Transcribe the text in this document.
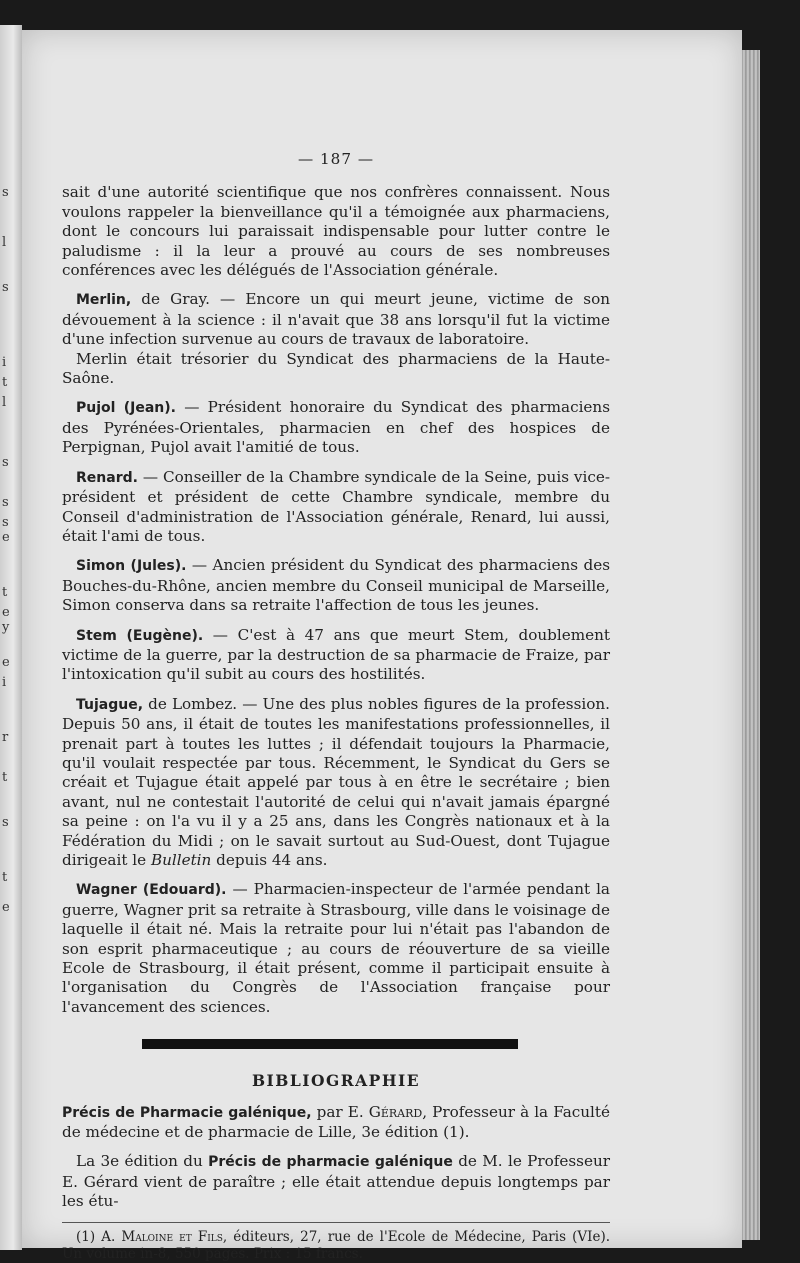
s
l
s
i
t
l
s
s
s
e
t
e
y
e
i
r
t
s
t
e
— 187 —

sait d'une autorité scientifique que nos confrères connaissent. Nous voulons rappeler la bienveillance qu'il a témoignée aux pharmaciens, dont le concours lui paraissait indispensable pour lutter contre le paludisme : il la leur a prouvé au cours de ses nombreuses conférences avec les délégués de l'Association générale.

Merlin, de Gray. — Encore un qui meurt jeune, victime de son dévouement à la science : il n'avait que 38 ans lorsqu'il fut la victime d'une infection survenue au cours de travaux de laboratoire.
Merlin était trésorier du Syndicat des pharmaciens de la Haute-Saône.

Pujol (Jean). — Président honoraire du Syndicat des pharmaciens des Pyrénées-Orientales, pharmacien en chef des hospices de Perpignan, Pujol avait l'amitié de tous.

Renard. — Conseiller de la Chambre syndicale de la Seine, puis vice-président et président de cette Chambre syndicale, membre du Conseil d'administration de l'Association générale, Renard, lui aussi, était l'ami de tous.

Simon (Jules). — Ancien président du Syndicat des pharmaciens des Bouches-du-Rhône, ancien membre du Conseil municipal de Marseille, Simon conserva dans sa retraite l'affection de tous les jeunes.

Stem (Eugène). — C'est à 47 ans que meurt Stem, doublement victime de la guerre, par la destruction de sa pharmacie de Fraize, par l'intoxication qu'il subit au cours des hostilités.

Tujague, de Lombez. — Une des plus nobles figures de la profession. Depuis 50 ans, il était de toutes les manifestations professionnelles, il prenait part à toutes les luttes ; il défendait toujours la Pharmacie, qu'il voulait respectée par tous. Récemment, le Syndicat du Gers se créait et Tujague était appelé par tous à en être le secrétaire ; bien avant, nul ne contestait l'autorité de celui qui n'avait jamais épargné sa peine : on l'a vu il y a 25 ans, dans les Congrès nationaux et à la Fédération du Midi ; on le savait surtout au Sud-Ouest, dont Tujague dirigeait le Bulletin depuis 44 ans.

Wagner (Edouard). — Pharmacien-inspecteur de l'armée pendant la guerre, Wagner prit sa retraite à Strasbourg, ville dans le voisinage de laquelle il était né. Mais la retraite pour lui n'était pas l'abandon de son esprit pharmaceutique ; au cours de réouverture de sa vieille Ecole de Strasbourg, il était présent, comme il participait ensuite à l'organisation du Congrès de l'Association française pour l'avancement des sciences.

BIBLIOGRAPHIE

Précis de Pharmacie galénique, par E. Gérard, Professeur à la Faculté de médecine et de pharmacie de Lille, 3e édition (1).

La 3e édition du Précis de pharmacie galénique de M. le Professeur E. Gérard vient de paraître ; elle était attendue depuis longtemps par les étu-

(1) A. Maloine et Fils, éditeurs, 27, rue de l'Ecole de Médecine, Paris (VIe). Un volume in-8, 550 pages. Prix : 15 francs.
